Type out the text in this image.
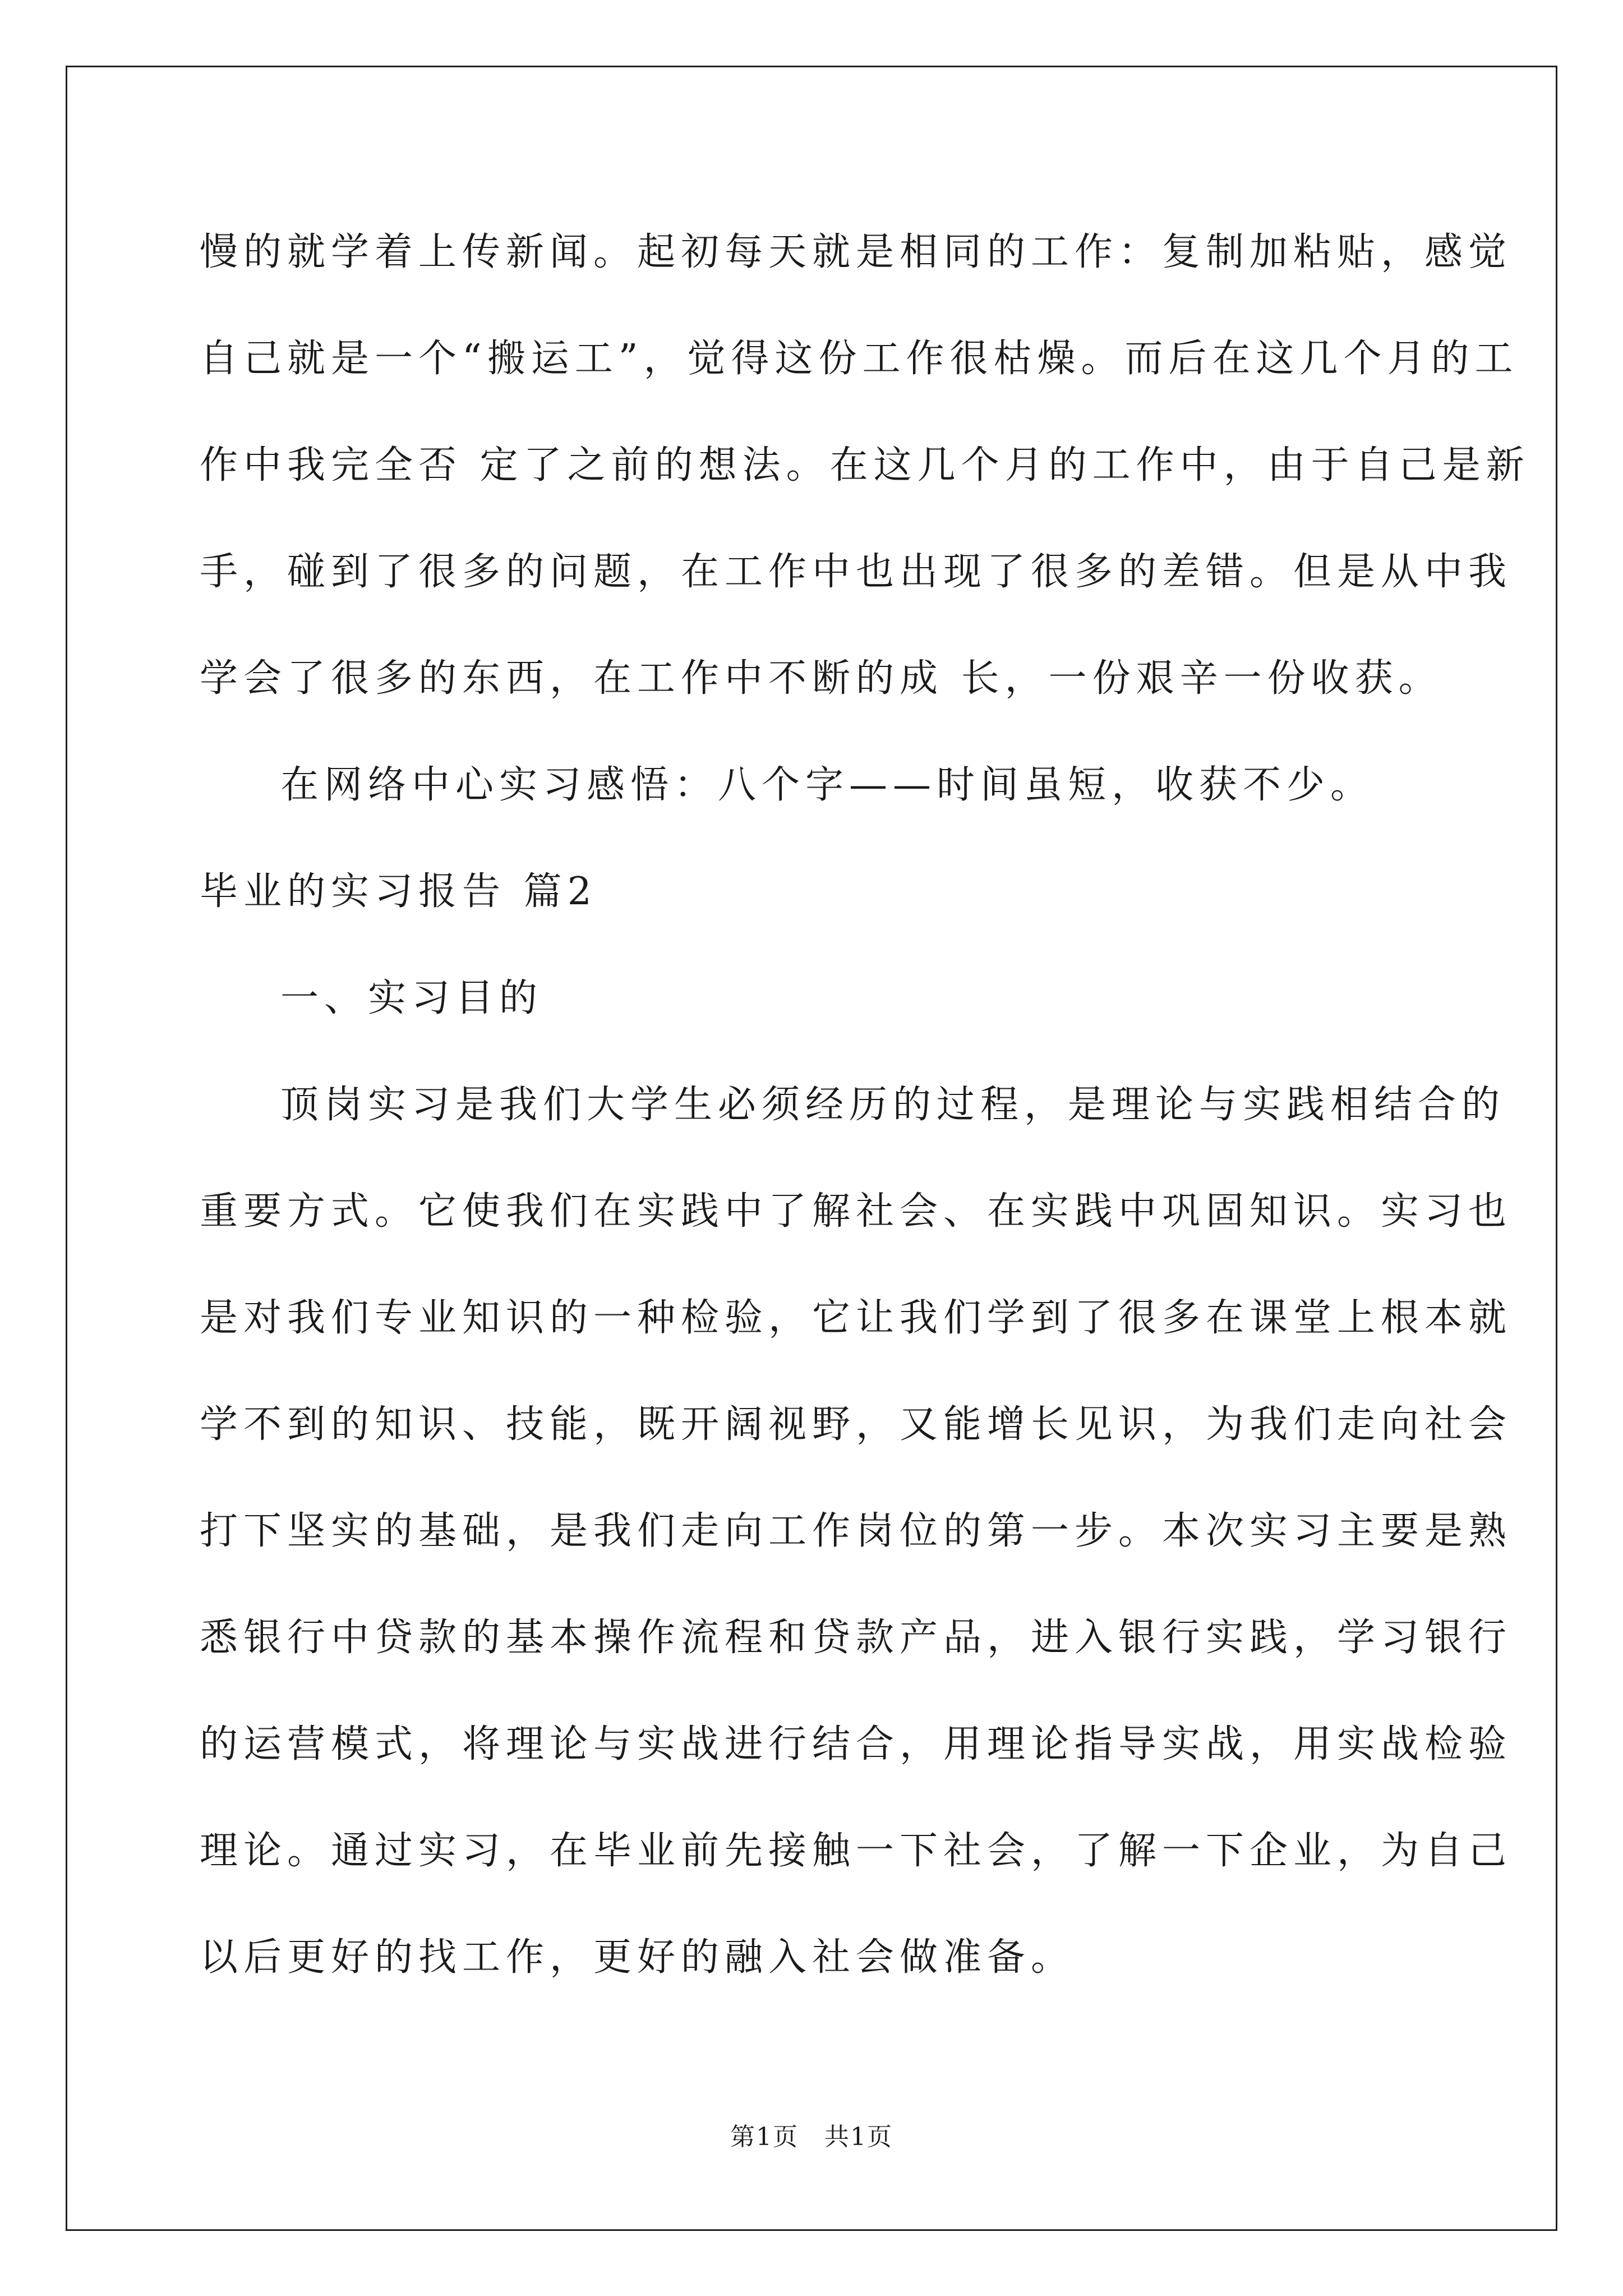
慢的就学着上传新闻。起初每天就是相同的工作：复制加粘贴，感觉
自己就是一个“搬运工”，觉得这份工作很枯燥。而后在这几个月的工
作中我完全否 定了之前的想法。在这几个月的工作中，由于自己是新
手，碰到了很多的问题，在工作中也出现了很多的差错。但是从中我
学会了很多的东西，在工作中不断的成 长，一份艰辛一份收获。
在网络中心实习感悟：八个字——时间虽短，收获不少。
毕业的实习报告 篇2
一、实习目的
顶岗实习是我们大学生必须经历的过程，是理论与实践相结合的
重要方式。它使我们在实践中了解社会、在实践中巩固知识。实习也
是对我们专业知识的一种检验，它让我们学到了很多在课堂上根本就
学不到的知识、技能，既开阔视野，又能增长见识，为我们走向社会
打下坚实的基础，是我们走向工作岗位的第一步。本次实习主要是熟
悉银行中贷款的基本操作流程和贷款产品，进入银行实践，学习银行
的运营模式，将理论与实战进行结合，用理论指导实战，用实战检验
理论。通过实习，在毕业前先接触一下社会，了解一下企业，为自己
以后更好的找工作，更好的融入社会做准备。
第1页　共1页
